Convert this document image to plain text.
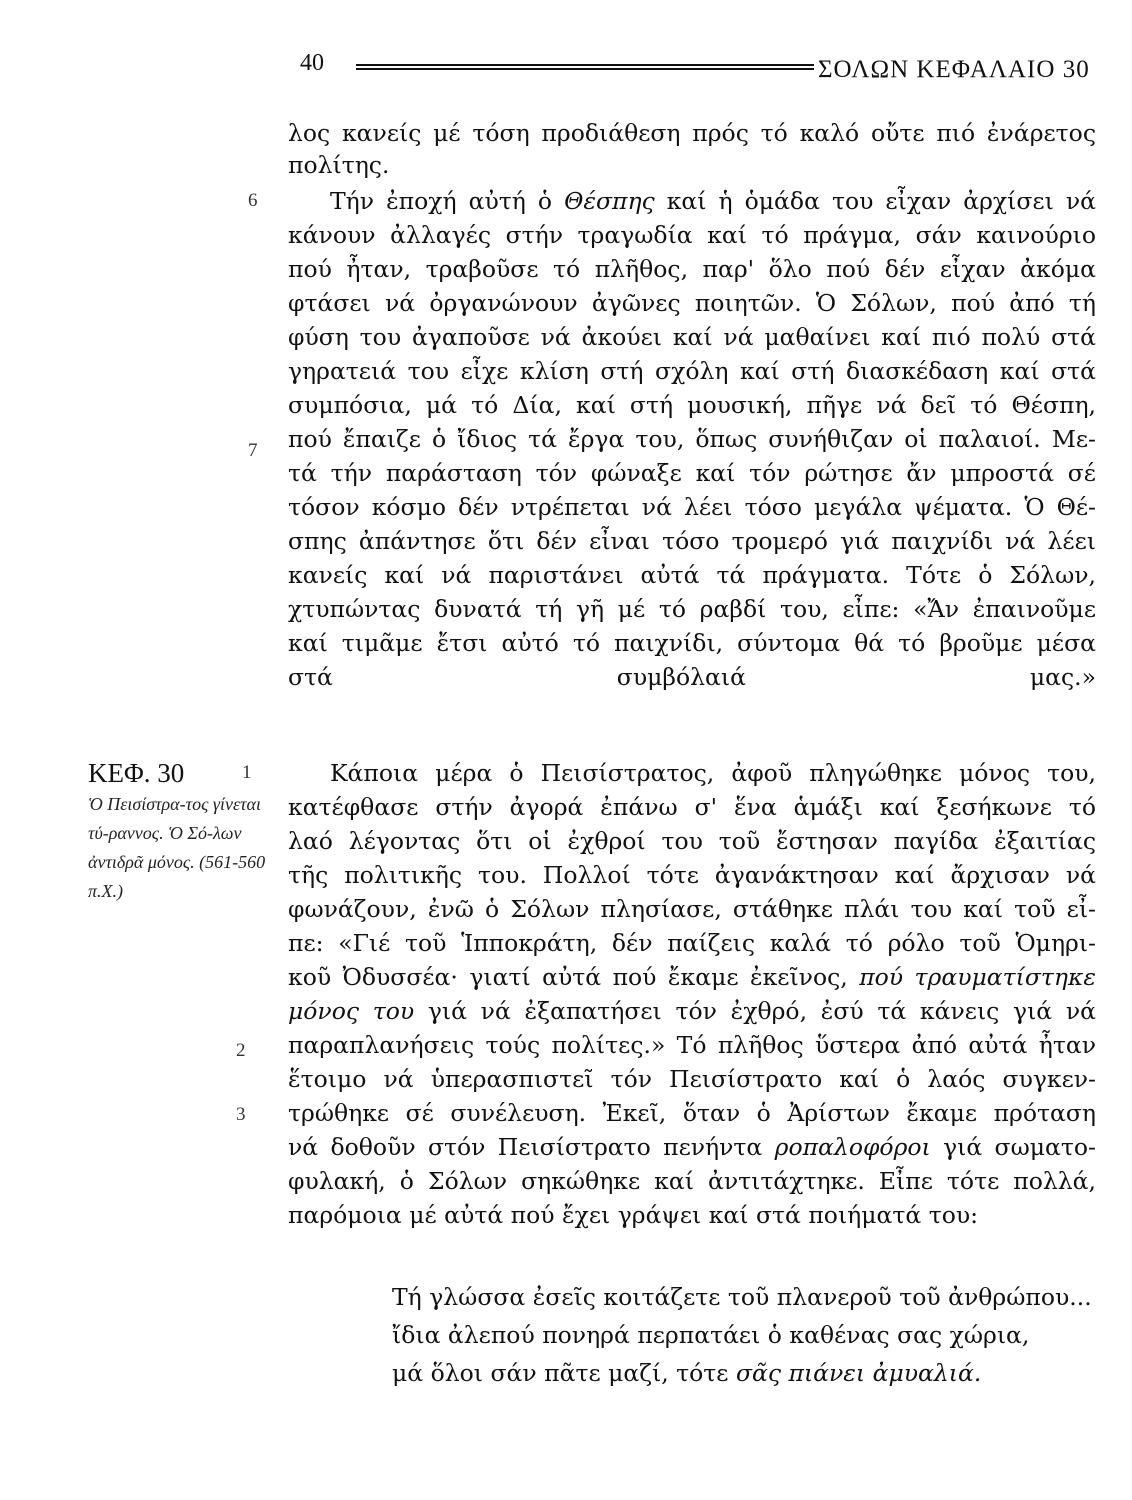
40	ΣΟΛΩΝ ΚΕΦΑΛΑΙΟ 30
6
7
ΚΕΦ. 30	1
Ὁ Πεισίστρα-τος γίνεται τύ-ραννος. Ὁ Σό-λων ἀντιδρᾶ μόνος. (561-560 π.Χ.)
2
3
λος κανείς μέ τόση προδιάθεση πρός τό καλό οὔτε πιό ἐνάρετος
πολίτης.
Τήν ἐποχή αὐτή ὁ Θέσπης καί ἡ ὁμάδα του εἶχαν ἀρχίσει νά
κάνουν ἀλλαγές στήν τραγωδία καί τό πράγμα, σάν καινούριο
πού ἦταν, τραβοῦσε τό πλῆθος, παρ' ὅλο πού δέν εἶχαν ἀκόμα
φτάσει νά ὀργανώνουν ἀγῶνες ποιητῶν. Ὁ Σόλων, πού ἀπό τή
φύση του ἀγαποῦσε νά ἀκούει καί νά μαθαίνει καί πιό πολύ στά
γηρατειά του εἶχε κλίση στή σχόλη καί στή διασκέδαση καί στά
συμπόσια, μά τό Δία, καί στή μουσική, πῆγε νά δεῖ τό Θέσπη,
πού ἔπαιζε ὁ ἴδιος τά ἔργα του, ὅπως συνήθιζαν οἱ παλαιοί. Με-
τά τήν παράσταση τόν φώναξε καί τόν ρώτησε ἄν μπροστά σέ
τόσον κόσμο δέν ντρέπεται νά λέει τόσο μεγάλα ψέματα. Ὁ Θέ-
σπης ἀπάντησε ὅτι δέν εἶναι τόσο τρομερό γιά παιχνίδι νά λέει
κανείς καί νά παριστάνει αὐτά τά πράγματα. Τότε ὁ Σόλων,
χτυπώντας δυνατά τή γῆ μέ τό ραβδί του, εἶπε: «Ἄν ἐπαινοῦμε
καί τιμᾶμε ἔτσι αὐτό τό παιχνίδι, σύντομα θά τό βροῦμε μέσα
στά συμβόλαιά μας.»
Κάποια μέρα ὁ Πεισίστρατος, ἀφοῦ πληγώθηκε μόνος του,
κατέφθασε στήν ἀγορά ἐπάνω σ' ἕνα ἁμάξι καί ξεσήκωνε τό
λαό λέγοντας ὅτι οἱ ἐχθροί του τοῦ ἔστησαν παγίδα ἐξαιτίας
τῆς πολιτικῆς του. Πολλοί τότε ἀγανάκτησαν καί ἄρχισαν νά
φωνάζουν, ἐνῶ ὁ Σόλων πλησίασε, στάθηκε πλάι του καί τοῦ εἶ-
πε: «Γιέ τοῦ Ἱπποκράτη, δέν παίζεις καλά τό ρόλο τοῦ Ὁμηρι-
κοῦ Ὀδυσσέα· γιατί αὐτά πού ἔκαμε ἐκεῖνος, πού τραυματίστηκε
μόνος του γιά νά ἐξαπατήσει τόν ἐχθρό, ἐσύ τά κάνεις γιά νά
παραπλανήσεις τούς πολίτες.» Τό πλῆθος ὕστερα ἀπό αὐτά ἦταν
ἕτοιμο νά ὑπερασπιστεῖ τόν Πεισίστρατο καί ὁ λαός συγκεν-
τρώθηκε σέ συνέλευση. Ἐκεῖ, ὅταν ὁ Ἀρίστων ἔκαμε πρόταση
νά δοθοῦν στόν Πεισίστρατο πενήντα ροπαλοφόροι γιά σωματο-
φυλακή, ὁ Σόλων σηκώθηκε καί ἀντιτάχτηκε. Εἶπε τότε πολλά,
παρόμοια μέ αὐτά πού ἔχει γράψει καί στά ποιήματά του:
Τή γλώσσα ἐσεῖς κοιτάζετε τοῦ πλανεροῦ τοῦ ἀνθρώπου...
ἴδια ἀλεπού πονηρά περπατάει ὁ καθένας σας χώρια,
μά ὅλοι σάν πᾶτε μαζί, τότε σᾶς πιάνει ἀμυαλιά.
